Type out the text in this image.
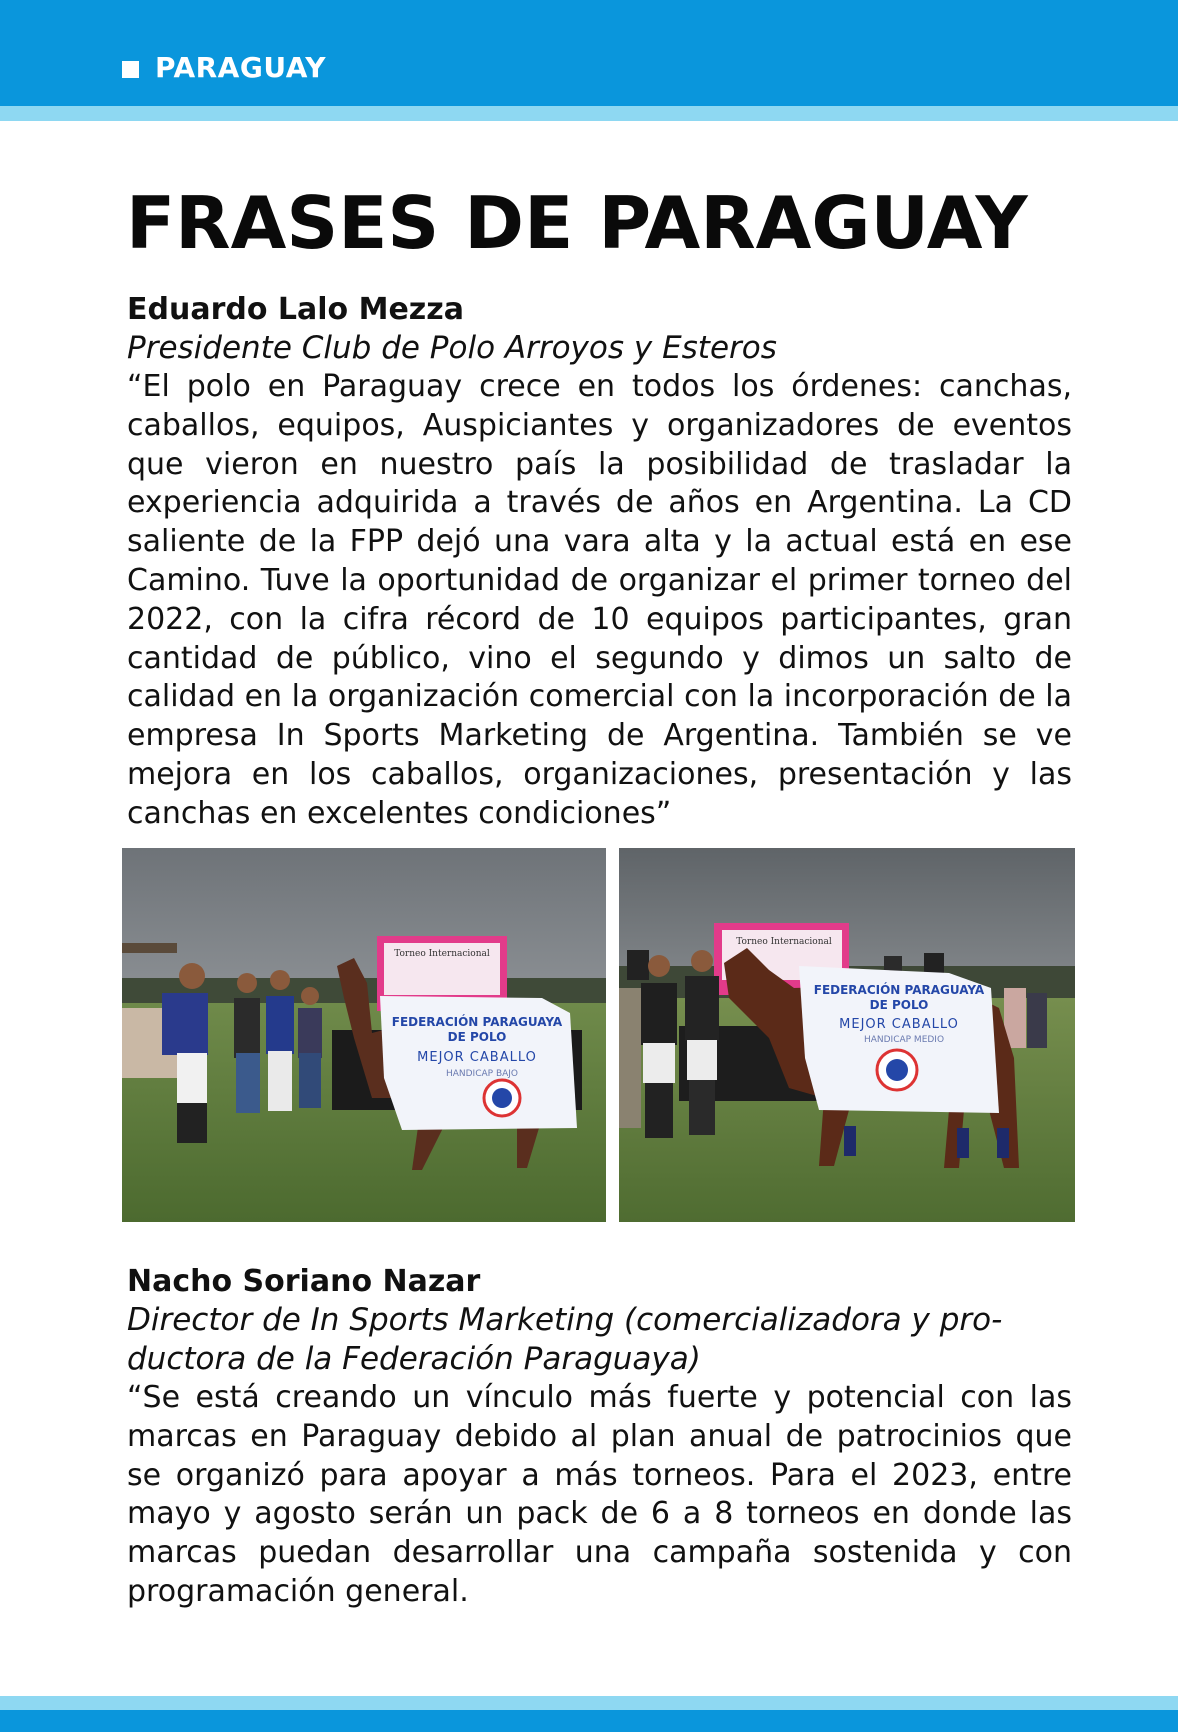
PARAGUAY
FRASES DE PARAGUAY

Eduardo Lalo Mezza

Presidente Club de Polo Arroyos y Esteros

“El polo en Paraguay crece en todos los órdenes: canchas, caballos, equipos, Auspiciantes y organizadores de eventos que vieron en nuestro país la posibilidad de trasladar la experiencia adquirida a través de años en Argentina. La CD saliente de la FPP dejó una vara alta y la actual está en ese Camino. Tuve la oportunidad de organizar el primer torneo del 2022, con la cifra récord de 10 equipos participantes, gran cantidad de público, vino el segundo y dimos un salto de calidad en la organización comercial con la incorporación de la empresa In Sports Marketing de Argentina. También se ve mejora en los caballos, organizaciones, presentación y las canchas en excelentes condiciones”

Torneo Internacional
FEDERACIÓN PARAGUAYA
DE POLO
MEJOR CABALLO
HANDICAP BAJO
Torneo Internacional
FEDERACIÓN PARAGUAYA
DE POLO
MEJOR CABALLO
HANDICAP MEDIO

Nacho Soriano Nazar

Director de In Sports Marketing (comercializadora y productora de la Federación Paraguaya)

“Se está creando un vínculo más fuerte y potencial con las marcas en Paraguay debido al plan anual de patrocinios que se organizó para apoyar a más torneos. Para el 2023, entre mayo y agosto serán un pack de 6 a 8 torneos en donde las marcas puedan desarrollar una campaña sostenida y con programación general.
